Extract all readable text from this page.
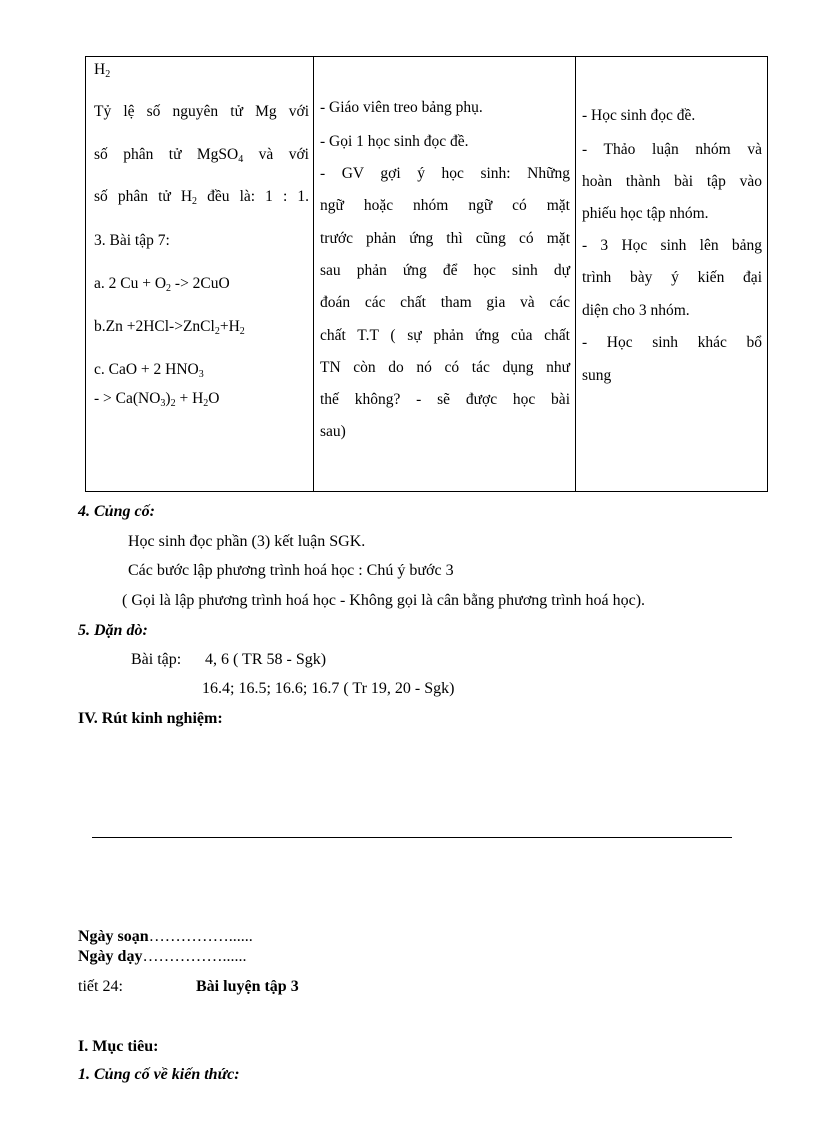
$H_2$
Tỷ lệ số nguyên tử Mg với
số phân tử MgSO$_4$ và với
số phân tử $H_2$ đều là: 1 : 1.
3. Bài tập 7:
a. 2 $Cu + O_2 -> 2CuO$
$b.Zn +2HCl->ZnCl_2+H_2$
c. CaO + 2 $HNO_3$
- > $Ca(NO_3)_2 + H_2O$
- Giáo viên treo bảng phụ.
- Gọi 1 học sinh đọc đề.
- GV gợi ý học sinh: Những
ngữ hoặc nhóm ngữ có mặt
trước phản ứng thì cũng có mặt
sau phản ứng để học sinh dự
đoán các chất tham gia và các
chất T.T ( sự phản ứng của chất
TN còn do nó có tác dụng như
thế không? - sẽ được học bài
sau)
- Học sinh đọc đề.
- Thảo luận nhóm và
hoàn thành bài tập vào
phiếu học tập nhóm.
- 3 Học sinh lên bảng
trình bày ý kiến đại
diện cho 3 nhóm.
- Học sinh khác bổ
sung
4. Củng cố:
Học sinh đọc phần (3) kết luận SGK.
Các bước lập phương trình hoá học : Chú ý bước 3
( Gọi là lập phương trình hoá học - Không gọi là cân bằng phương trình hoá học).
5. Dặn dò:
Bài tập: 4, 6 ( TR 58 - Sgk)
16.4; 16.5; 16.6; 16.7 ( Tr 19, 20 - Sgk)
IV. Rút kinh nghiệm:
Ngày soạn……………......
Ngày dạy……………......
tiết 24:	Bài luyện tập 3
I. Mục tiêu:
1. Củng cố về kiến thức:
